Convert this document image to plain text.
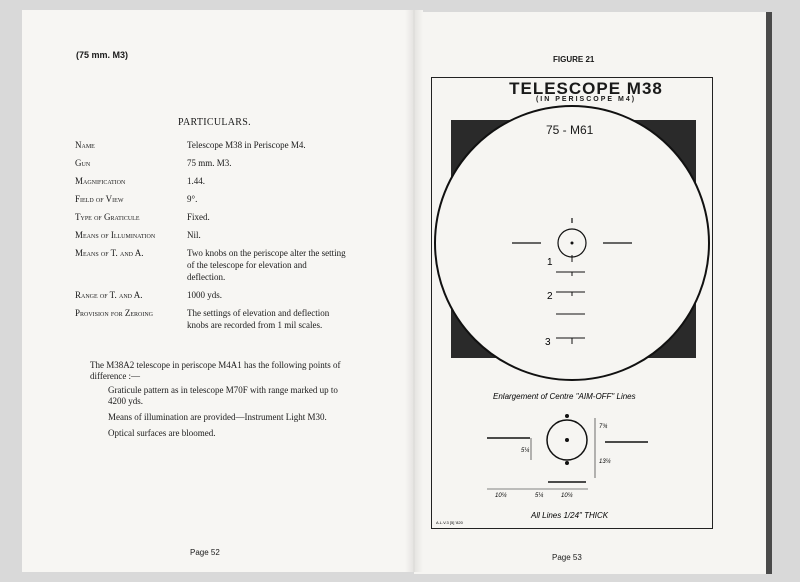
(75 mm. M3)
PARTICULARS.
Name	Telescope M38 in Periscope M4.
Gun	75 mm. M3.
Magnification	1.44.
Field of View	9°.
Type of Graticule	Fixed.
Means of Illumination	Nil.
Means of T. and A.	Two knobs on the periscope alter the setting of the telescope for elevation and deflection.
Range of T. and A.	1000 yds.
Provision for Zeroing	The settings of elevation and deflection knobs are recorded from 1 mil scales.

The M38A2 telescope in periscope M4A1 has the following points of difference :—

Graticule pattern as in telescope M70F with range marked up to 4200 yds.

Means of illumination are provided—Instrument Light M30.

Optical surfaces are bloomed.

Page 52
FIGURE 21
TELESCOPE M38
(IN PERISCOPE M4)
75 - M61
1
2
3
Enlargement of Centre "AIM-OFF" Lines
5¼
7¾
13¼
10¼	5¼	10¼
All Lines 1/24" THICK
A.L.V.3 [5] '820
Page 53
